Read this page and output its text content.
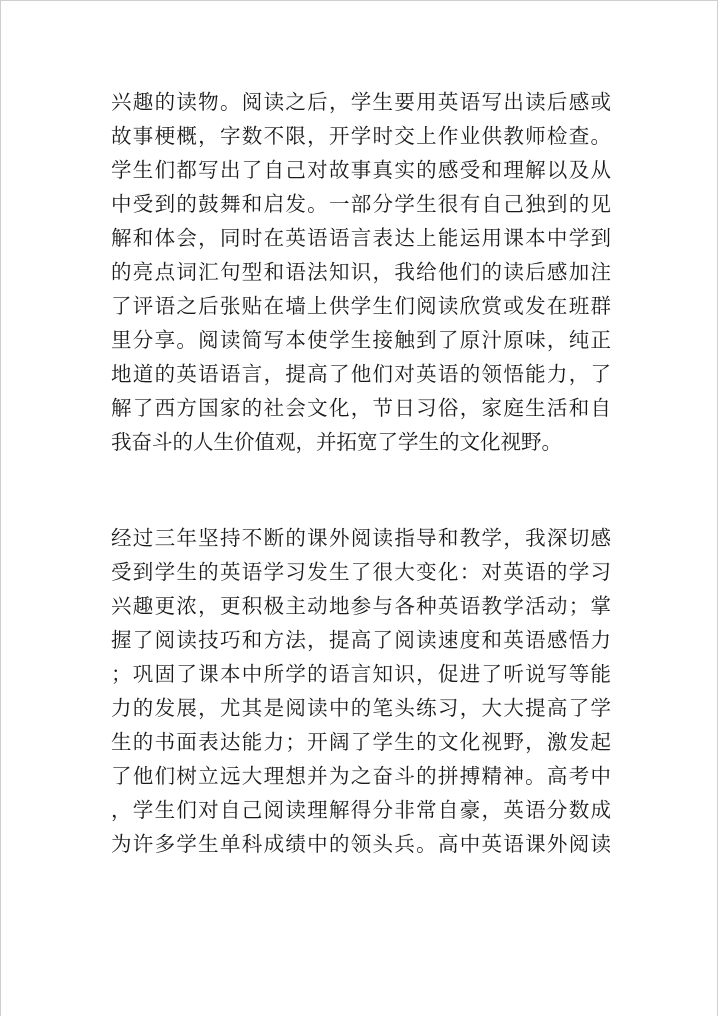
兴趣的读物。阅读之后，学生要用英语写出读后感或
故事梗概，字数不限，开学时交上作业供教师检查。
学生们都写出了自己对故事真实的感受和理解以及从
中受到的鼓舞和启发。一部分学生很有自己独到的见
解和体会，同时在英语语言表达上能运用课本中学到
的亮点词汇句型和语法知识，我给他们的读后感加注
了评语之后张贴在墙上供学生们阅读欣赏或发在班群
里分享。阅读简写本使学生接触到了原汁原味，纯正
地道的英语语言，提高了他们对英语的领悟能力，了
解了西方国家的社会文化，节日习俗，家庭生活和自
我奋斗的人生价值观，并拓宽了学生的文化视野。
经过三年坚持不断的课外阅读指导和教学，我深切感
受到学生的英语学习发生了很大变化：对英语的学习
兴趣更浓，更积极主动地参与各种英语教学活动；掌
握了阅读技巧和方法，提高了阅读速度和英语感悟力
；巩固了课本中所学的语言知识，促进了听说写等能
力的发展，尤其是阅读中的笔头练习，大大提高了学
生的书面表达能力；开阔了学生的文化视野，激发起
了他们树立远大理想并为之奋斗的拼搏精神。高考中
，学生们对自己阅读理解得分非常自豪，英语分数成
为许多学生单科成绩中的领头兵。高中英语课外阅读
